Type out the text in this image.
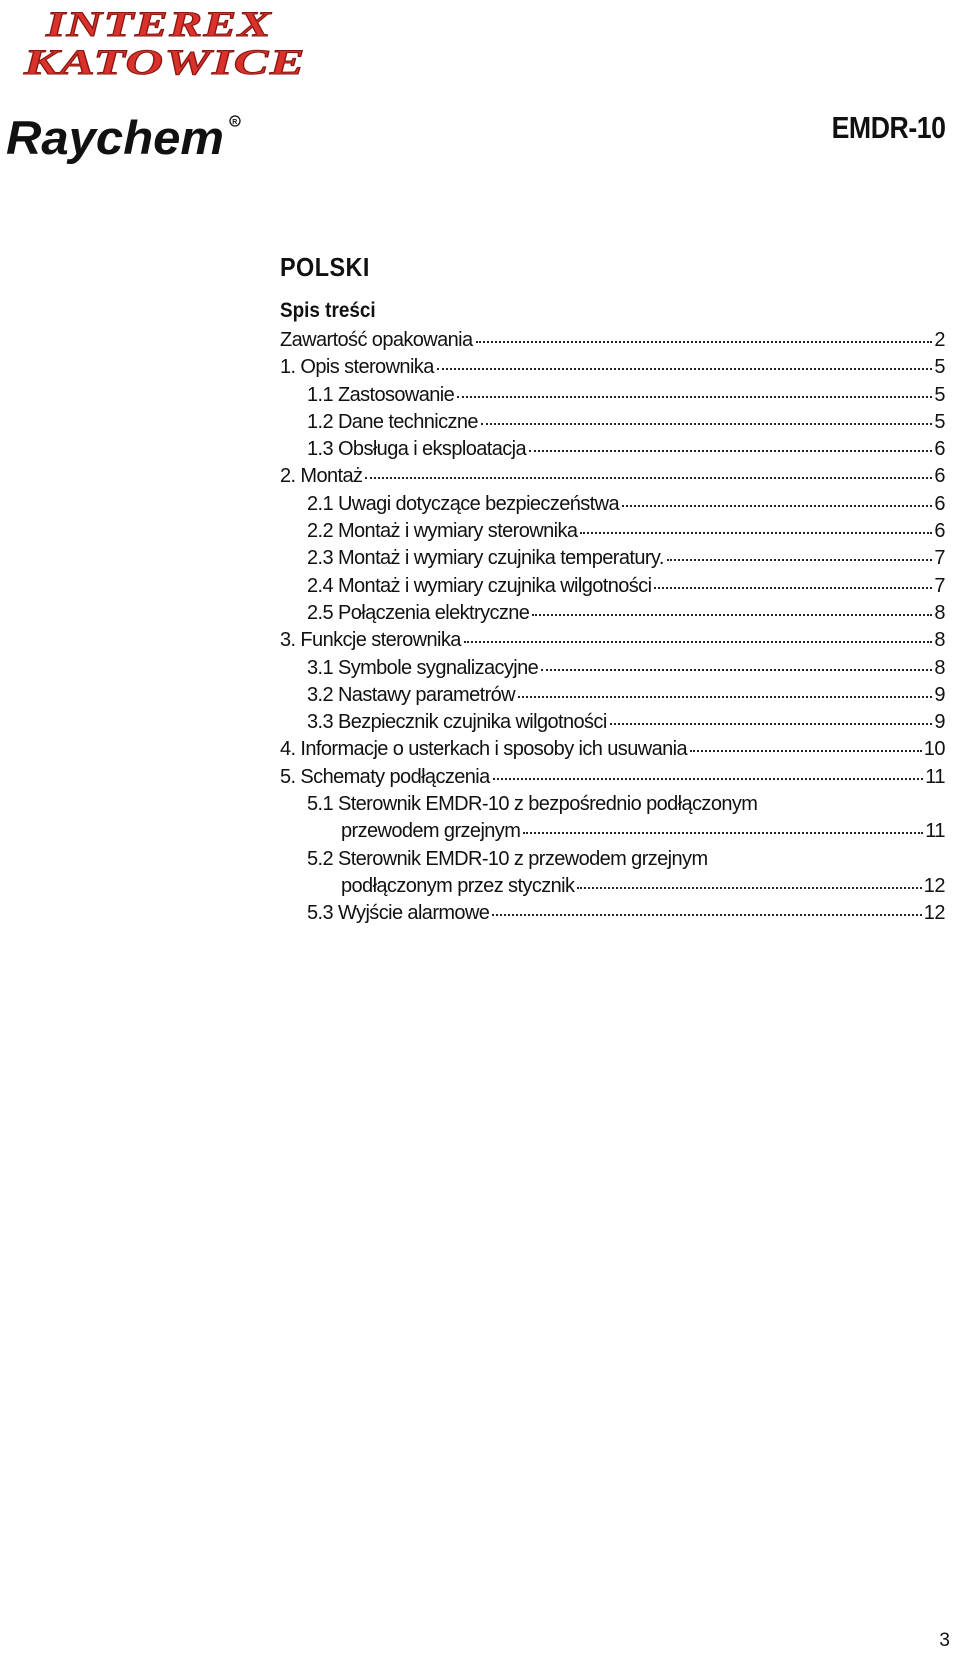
INTEREX
KATOWICE
Raychem R	EMDR-10
POLSKI
Spis treści
Zawartość opakowania	2
1. Opis sterownika	5
1.1 Zastosowanie	5
1.2 Dane techniczne	5
1.3 Obsługa i eksploatacja	6
2. Montaż	6
2.1 Uwagi dotyczące bezpieczeństwa	6
2.2 Montaż i wymiary sterownika	6
2.3 Montaż i wymiary czujnika temperatury.	7
2.4 Montaż i wymiary czujnika wilgotności	7
2.5 Połączenia elektryczne	8
3. Funkcje sterownika	8
3.1 Symbole sygnalizacyjne	8
3.2 Nastawy parametrów	9
3.3 Bezpiecznik czujnika wilgotności	9
4. Informacje o usterkach i sposoby ich usuwania	10
5. Schematy podłączenia	11
5.1 Sterownik EMDR-10 z bezpośrednio podłączonym
przewodem grzejnym	11
5.2 Sterownik EMDR-10 z przewodem grzejnym
podłączonym przez stycznik	12
5.3 Wyjście alarmowe	12
3
